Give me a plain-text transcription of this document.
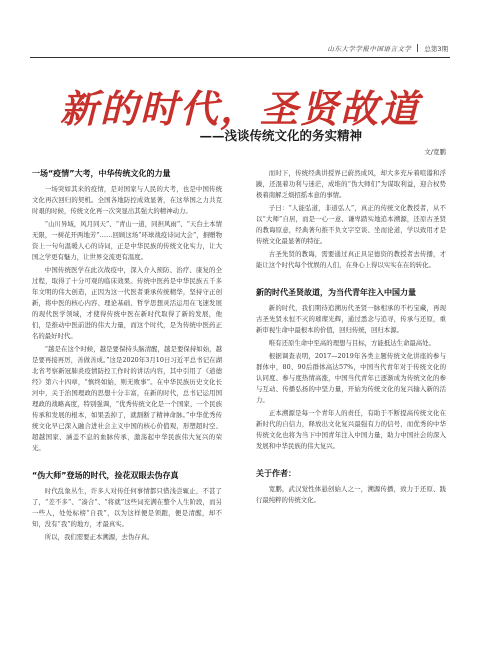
山东大学学报中国语言文学 总第3期
新的时代，圣贤故道
——浅谈传统文化的务实精神
文/宽鹏
一场“疫情”大考，中华传统文化的力量
一场突如其来的疫情，是对国家与人民的大考，也是中国传统文化再次回归的契机。全国各地防控成效显著，在这举国之力共克时艰的时候，传统文化再一次突显出其强大的精神动力。
“山川异域，风月同天”、“青山一道，同担风雨”、“天台土本情无限，一树花开两地芳”……回顾这场“环球战疫诗词大会”，捐赠物资上一句句温暖人心的诗词，正是中华民族的传统文化实力，让大国之学更有魅力，让世界交流更有温度。
中国传统医学在此次战疫中，深入介入预防、治疗、康复的全过程，取得了十分可观的临床效果。传统中医药是中华民族五千多年文明的伟大创造，正因为这一代医者秉承传统精华，坚持守正创新，将中医的核心内容、理论基础、哲学思想灵活运用在飞速发展的现代医学领域，才使得传统中医在新时代取得了新的发展，他们，是推动中医前进的伟大力量，而这个时代，是为传统中医药正名的最好时代。
“越是在这个时候，越是要保持头脑清醒，越是要保持如始，越是要再接再厉，善做善成。”这是2020年3月10日习近平总书记在湖北省考察新冠肺炎疫情防控工作时的讲话内容，其中引用了《道德经》第六十四章，“慎终如始，则无败事”。在中华民族历史文化长河中，关于治国理政的思想十分丰富，在新的时代，总书记运用国理政的战略高度，特别强调，“优秀传统文化是一个国家、一个民族传承和发展的根本，如果丢掉了，就割断了精神命脉。”中华优秀传统文化早已深入融合进社会主义中国的核心价值观，形塑超时空、超越国家、涵盖不息的血脉传承，激荡起中华民族伟大复兴的荣光。
“伪大师”登场的时代，捡花双眼去伪存真
时代乱象丛生，许多人对传任何事情都只惜浅尝辄止，不甚了了，“差不多”、“凑合”、“将就”这些词充满在整个人生阶段，而另一些人，处处标榜“自我”，以为这样便是领跑，便是清醒，却不知，没有“我”的地方，才最真实。
所以，我们需要正本溯源，去伪存真。
而时下，传统经典讲授界已蔚然成风，却大多充斥着喧嚣和浮躁，还混着功利与迷茫，成堆的“伪大师们”为谋取利益，迎合权势极着南解乏烦招摇本意的事情。
子曰：“人能弘道，非道弘人”，真正的传统文化教授者，从不以“大师”自居，而是一心一意、谦卑踏实地追本溯源，还原古圣贤的教诲原意，经典著句推不负文字空谈、坐而论道，学以致用才是传统文化最显著的特征。
古圣先贤的教诲，需要通过真正具足德资的教授者去传播，才能让这个时代每个忧娱的人们，在身心上得以实实在在的转化。
新的时代圣贤故道，为当代青年注入中国力量
新的时代，我们期待追溯历代圣贤一脉相承的不朽宝藏，再现古圣先贤永恒不灭的璀璨光辉，通过悉念与追寻，传承与还原，重新审视生命中最根本的价值，回归传统，回归本源。
唯有还原生命中至高的理想与目标，方能抵达生命最高处。
根据调查表明，2017—2019年各类主题传统文化讲座的参与群体中，80、90后群体高达57%，中国当代青年对于传统文化的认同度、参与度热情高涨，中国当代青年已逐渐成为传统文化的参与互动、传播弘扬的中坚力量，开始为传统文化的复兴输入新的活力。
正本溯源是每一个青年人的责任，有助于不断提高传统文化在新时代的自信力，释放出文化复兴最强有力的信号，而优秀的中华传统文化也将为当下中国青年注入中国力量，助力中国社会的深入发展和中华民族的伟大复兴。
关于作者：
宽鹏，武汉觉性体悬创始人之一，溯源传播，致力于还原、践行最纯粹的传统文化。
